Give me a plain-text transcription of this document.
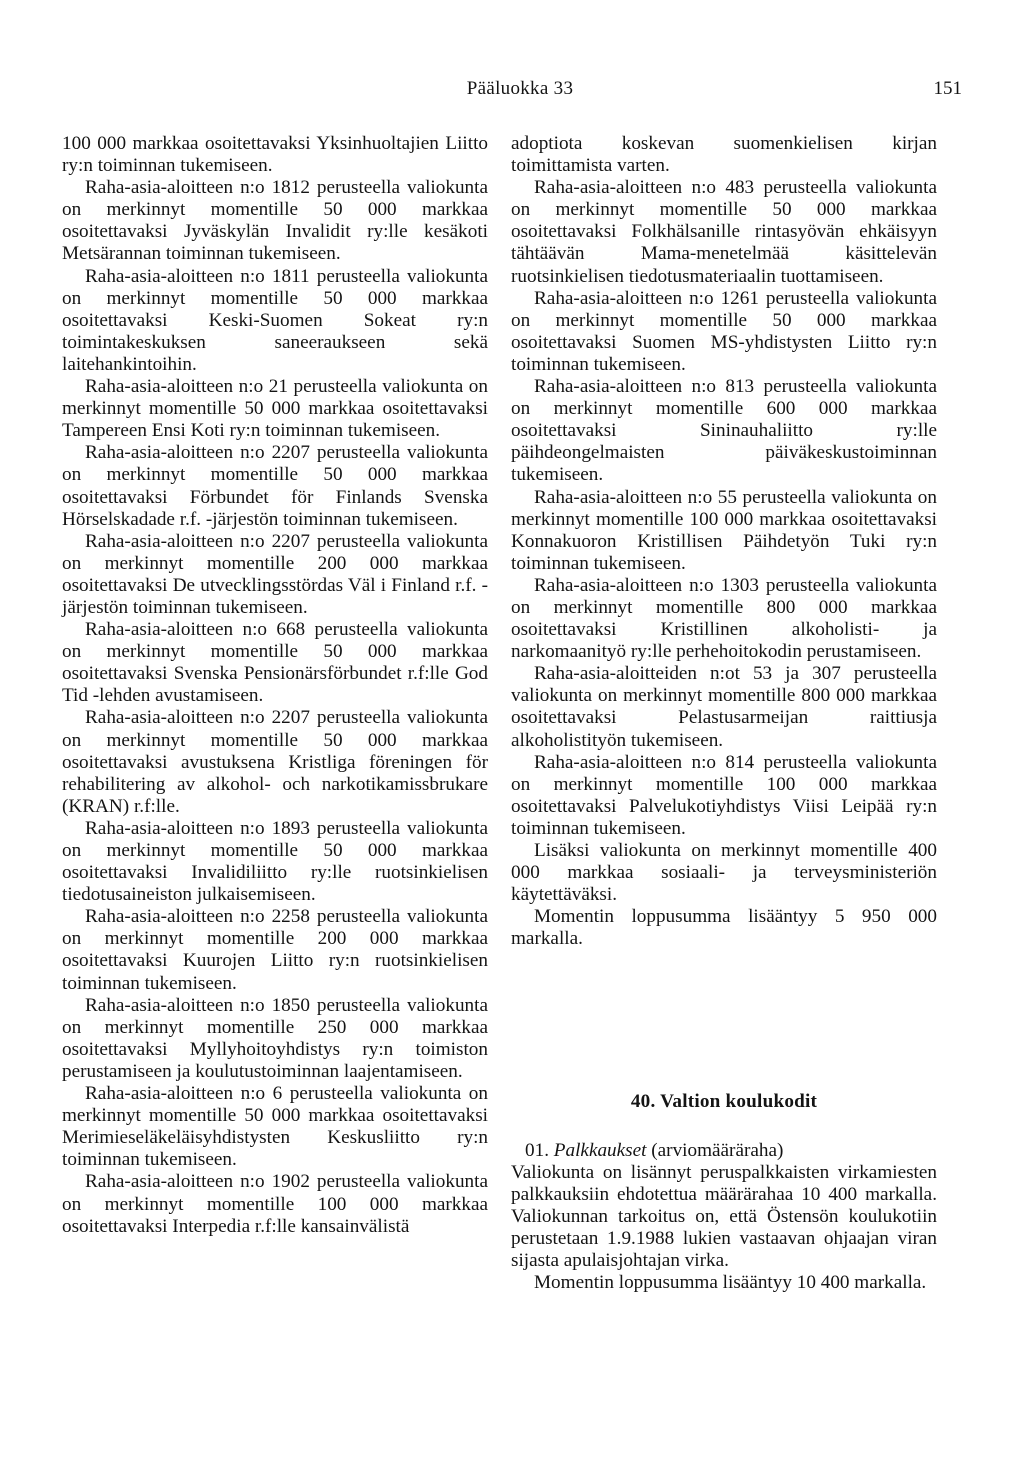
Pääluokka 33	151

100 000 markkaa osoitettavaksi Yksinhuoltajien Liitto ry:n toiminnan tukemiseen.

Raha-asia-aloitteen n:o 1812 perusteella valiokunta on merkinnyt momentille 50 000 markkaa osoitettavaksi Jyväskylän Invalidit ry:lle kesäkoti Metsärannan toiminnan tukemiseen.

Raha-asia-aloitteen n:o 1811 perusteella valiokunta on merkinnyt momentille 50 000 markkaa osoitettavaksi Keski-Suomen Sokeat ry:n toimintakeskuksen saneeraukseen sekä laitehankintoihin.

Raha-asia-aloitteen n:o 21 perusteella valiokunta on merkinnyt momentille 50 000 markkaa osoitettavaksi Tampereen Ensi Koti ry:n toiminnan tukemiseen.

Raha-asia-aloitteen n:o 2207 perusteella valiokunta on merkinnyt momentille 50 000 markkaa osoitettavaksi Förbundet för Finlands Svenska Hörselskadade r.f. -järjestön toiminnan tukemiseen.

Raha-asia-aloitteen n:o 2207 perusteella valiokunta on merkinnyt momentille 200 000 markkaa osoitettavaksi De utvecklingsstördas Väl i Finland r.f. -järjestön toiminnan tukemiseen.

Raha-asia-aloitteen n:o 668 perusteella valiokunta on merkinnyt momentille 50 000 markkaa osoitettavaksi Svenska Pensionärsförbundet r.f:lle God Tid -lehden avustamiseen.

Raha-asia-aloitteen n:o 2207 perusteella valiokunta on merkinnyt momentille 50 000 markkaa osoitettavaksi avustuksena Kristliga föreningen för rehabilitering av alkohol- och narkotikamissbrukare (KRAN) r.f:lle.

Raha-asia-aloitteen n:o 1893 perusteella valiokunta on merkinnyt momentille 50 000 markkaa osoitettavaksi Invalidiliitto ry:lle ruotsinkielisen tiedotusaineiston julkaisemiseen.

Raha-asia-aloitteen n:o 2258 perusteella valiokunta on merkinnyt momentille 200 000 markkaa osoitettavaksi Kuurojen Liitto ry:n ruotsinkielisen toiminnan tukemiseen.

Raha-asia-aloitteen n:o 1850 perusteella valiokunta on merkinnyt momentille 250 000 markkaa osoitettavaksi Myllyhoitoyhdistys ry:n toimiston perustamiseen ja koulutustoiminnan laajentamiseen.

Raha-asia-aloitteen n:o 6 perusteella valiokunta on merkinnyt momentille 50 000 markkaa osoitettavaksi Merimieseläkeläisyhdistysten Keskusliitto ry:n toiminnan tukemiseen.

Raha-asia-aloitteen n:o 1902 perusteella valiokunta on merkinnyt momentille 100 000 markkaa osoitettavaksi Interpedia r.f:lle kansainvälistä

adoptiota koskevan suomenkielisen kirjan toimittamista varten.

Raha-asia-aloitteen n:o 483 perusteella valiokunta on merkinnyt momentille 50 000 markkaa osoitettavaksi Folkhälsanille rintasyövän ehkäisyyn tähtäävän Mama-menetelmää käsittelevän ruotsinkielisen tiedotusmateriaalin tuottamiseen.

Raha-asia-aloitteen n:o 1261 perusteella valiokunta on merkinnyt momentille 50 000 markkaa osoitettavaksi Suomen MS-yhdistysten Liitto ry:n toiminnan tukemiseen.

Raha-asia-aloitteen n:o 813 perusteella valiokunta on merkinnyt momentille 600 000 markkaa osoitettavaksi Sininauhaliitto ry:lle päihdeongelmaisten päiväkeskustoiminnan tukemiseen.

Raha-asia-aloitteen n:o 55 perusteella valiokunta on merkinnyt momentille 100 000 markkaa osoitettavaksi Konnakuoron Kristillisen Päihdetyön Tuki ry:n toiminnan tukemiseen.

Raha-asia-aloitteen n:o 1303 perusteella valiokunta on merkinnyt momentille 800 000 markkaa osoitettavaksi Kristillinen alkoholisti- ja narkomaanityö ry:lle perhehoitokodin perustamiseen.

Raha-asia-aloitteiden n:ot 53 ja 307 perusteella valiokunta on merkinnyt momentille 800 000 markkaa osoitettavaksi Pelastusarmeijan raittiusja alkoholistityön tukemiseen.

Raha-asia-aloitteen n:o 814 perusteella valiokunta on merkinnyt momentille 100 000 markkaa osoitettavaksi Palvelukotiyhdistys Viisi Leipää ry:n toiminnan tukemiseen.

Lisäksi valiokunta on merkinnyt momentille 400 000 markkaa sosiaali- ja terveysministeriön käytettäväksi.

Momentin loppusumma lisääntyy 5 950 000 markalla.

40. Valtion koulukodit

01. Palkkaukset (arviomääräraha)

Valiokunta on lisännyt peruspalkkaisten virkamiesten palkkauksiin ehdotettua määrärahaa 10 400 markalla. Valiokunnan tarkoitus on, että Östensön koulukotiin perustetaan 1.9.1988 lukien vastaavan ohjaajan viran sijasta apulaisjohtajan virka.

Momentin loppusumma lisääntyy 10 400 markalla.
